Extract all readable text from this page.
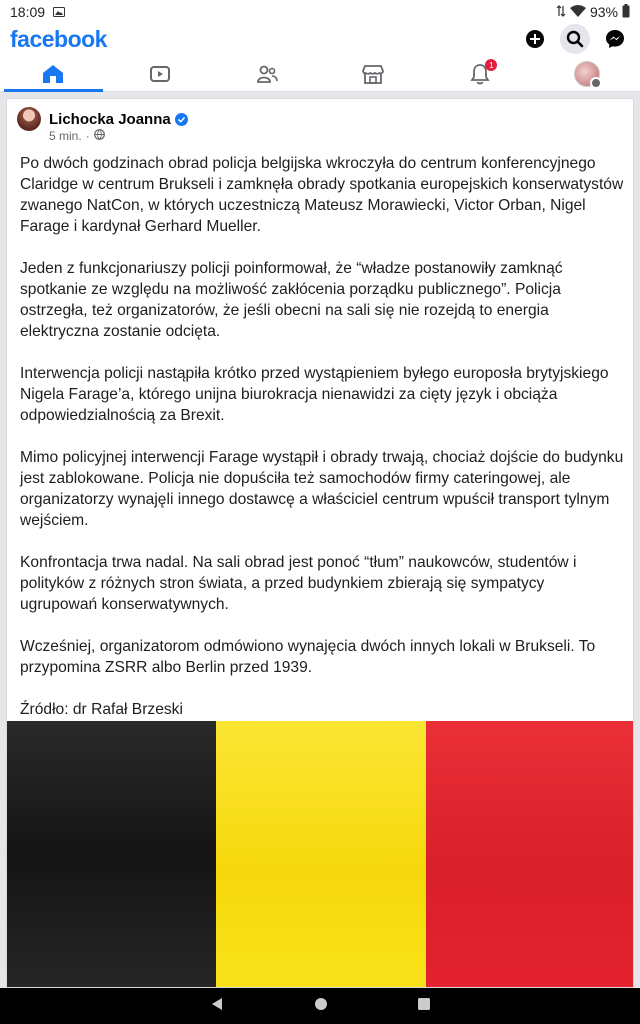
18:09	93%
facebook
1
Lichocka Joanna
5 min. ·

Po dwóch godzinach obrad policja belgijska wkroczyła do centrum konferencyjnego Claridge w centrum Brukseli i zamknęła obrady spotkania europejskich konserwatystów zwanego NatCon, w których uczestniczą Mateusz Morawiecki, Victor Orban, Nigel Farage i kardynał Gerhard Mueller.

Jeden z funkcjonariuszy policji poinformował, że “władze postanowiły zamknąć spotkanie ze względu na możliwość zakłócenia porządku publicznego”. Policja ostrzegła, też organizatorów, że jeśli obecni na sali się nie rozejdą to energia elektryczna zostanie odcięta.

Interwencja policji nastąpiła krótko przed wystąpieniem byłego europosła brytyjskiego Nigela Farage’a, którego unijna biurokracja nienawidzi za cięty język i obciąża odpowiedzialnością za Brexit.

Mimo policyjnej interwencji Farage wystąpił i obrady trwają, chociaż dojście do budynku jest zablokowane. Policja nie dopuściła też samochodów firmy cateringowej, ale organizatorzy wynajęli innego dostawcę a właściciel centrum wpuścił transport tylnym wejściem.

Konfrontacja trwa nadal. Na sali obrad jest ponoć “tłum” naukowców, studentów i polityków z różnych stron świata, a przed budynkiem zbierają się sympatycy ugrupowań konserwatywnych.

Wcześniej, organizatorom odmówiono wynajęcia dwóch innych lokali w Brukseli. To przypomina ZSRR albo Berlin przed 1939.

Źródło: dr Rafał Brzeski
